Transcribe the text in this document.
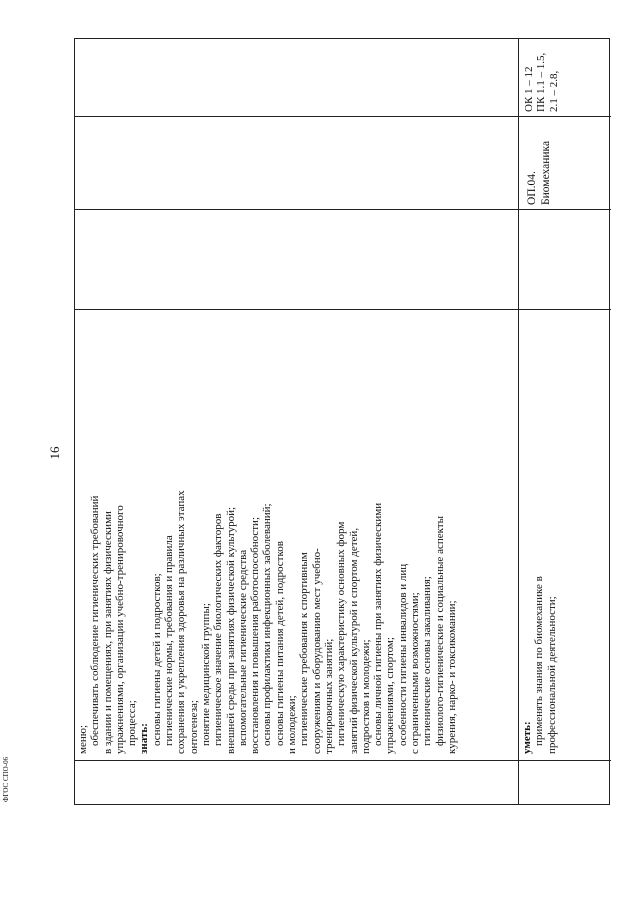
16
меню; обеспечивать соблюдение гигиенических требований в здании и помещениях, при занятиях физическими упражнениями, организации учебно-тренировочного процесса; знать: основы гигиены детей и подростков; гигиенические нормы, требования и правила сохранения и укрепления здоровья на различных этапах онтогенеза; понятие медицинской группы; гигиеническое значение биологических факторов внешней среды при занятиях физической культурой; вспомогательные гигиенические средства восстановления и повышения работоспособности; основы профилактики инфекционных заболеваний; основы гигиены питания детей, подростков и молодежи; гигиенические требования к спортивным сооружениям и оборудованию мест учебно- тренировочных занятий; гигиеническую характеристику основных форм занятий физической культурой и спортом детей, подростков и молодежи; основы личной гигиены при занятиях физическими упражнениями, спортом; особенности гигиены инвалидов и лиц с ограниченными возможностями; гигиенические основы закаливания; физиолого-гигиенические и социальные аспекты курения, нарко- и токсикомании;	уметь: применять знания по биомеханике в профессиональной деятельности;
ОП.04. Биомеханика
ОК 1 – 12 ПК 1.1 – 1.5, 2.1 – 2.8,
ФГОС СПО-06
